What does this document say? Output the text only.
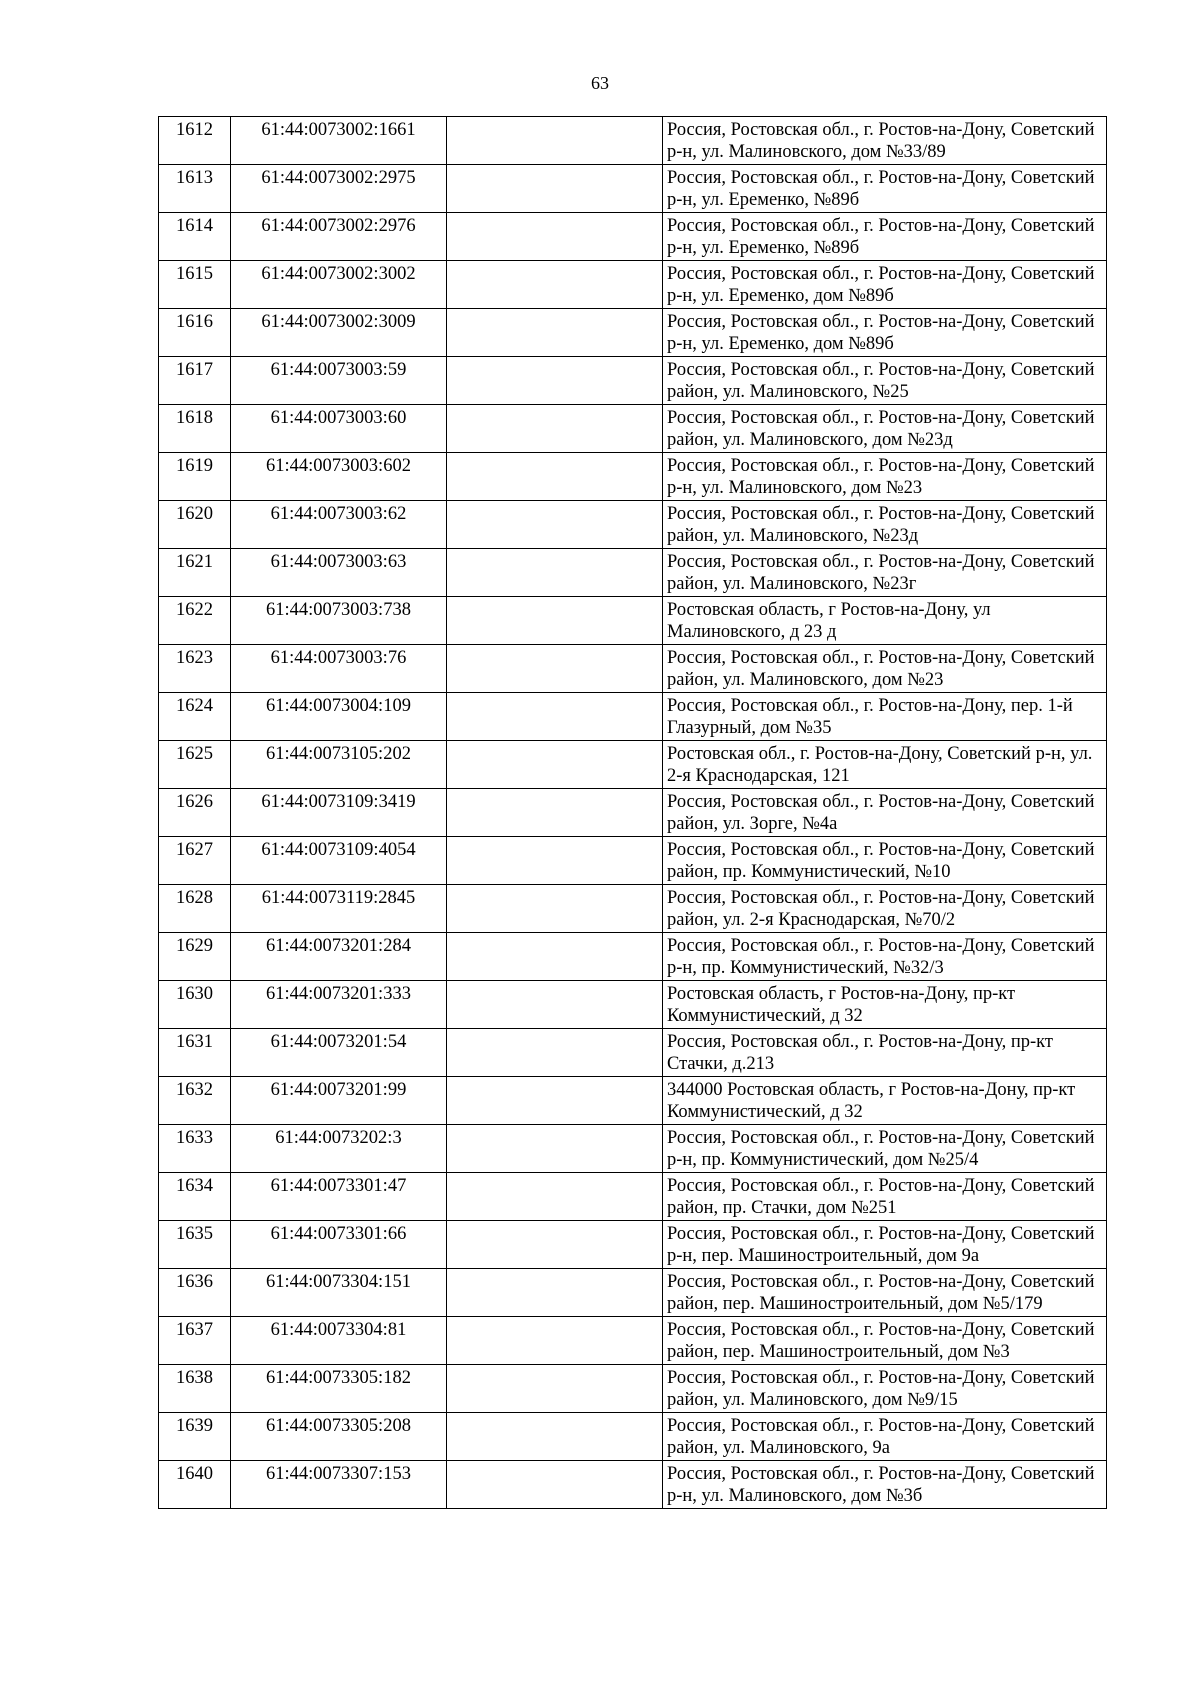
63
1612	61:44:0073002:1661		Россия, Ростовская обл., г. Ростов-на-Дону, Советский р-н, ул. Малиновского, дом №33/89
1613	61:44:0073002:2975		Россия, Ростовская обл., г. Ростов-на-Дону, Советский р-н, ул. Еременко, №89б
1614	61:44:0073002:2976		Россия, Ростовская обл., г. Ростов-на-Дону, Советский р-н, ул. Еременко, №89б
1615	61:44:0073002:3002		Россия, Ростовская обл., г. Ростов-на-Дону, Советский р-н, ул. Еременко, дом №89б
1616	61:44:0073002:3009		Россия, Ростовская обл., г. Ростов-на-Дону, Советский р-н, ул. Еременко, дом №89б
1617	61:44:0073003:59		Россия, Ростовская обл., г. Ростов-на-Дону, Советский район, ул. Малиновского, №25
1618	61:44:0073003:60		Россия, Ростовская обл., г. Ростов-на-Дону, Советский район, ул. Малиновского, дом №23д
1619	61:44:0073003:602		Россия, Ростовская обл., г. Ростов-на-Дону, Советский р-н, ул. Малиновского, дом №23
1620	61:44:0073003:62		Россия, Ростовская обл., г. Ростов-на-Дону, Советский район, ул. Малиновского, №23д
1621	61:44:0073003:63		Россия, Ростовская обл., г. Ростов-на-Дону, Советский район, ул. Малиновского, №23г
1622	61:44:0073003:738		Ростовская область, г Ростов-на-Дону, ул Малиновского, д 23 д
1623	61:44:0073003:76		Россия, Ростовская обл., г. Ростов-на-Дону, Советский район, ул. Малиновского, дом №23
1624	61:44:0073004:109		Россия, Ростовская обл., г. Ростов-на-Дону, пер. 1-й Глазурный, дом №35
1625	61:44:0073105:202		Ростовская обл., г. Ростов-на-Дону, Советский р-н, ул. 2-я Краснодарская, 121
1626	61:44:0073109:3419		Россия, Ростовская обл., г. Ростов-на-Дону, Советский район, ул. Зорге, №4а
1627	61:44:0073109:4054		Россия, Ростовская обл., г. Ростов-на-Дону, Советский район, пр. Коммунистический, №10
1628	61:44:0073119:2845		Россия, Ростовская обл., г. Ростов-на-Дону, Советский район, ул. 2-я Краснодарская, №70/2
1629	61:44:0073201:284		Россия, Ростовская обл., г. Ростов-на-Дону, Советский р-н, пр. Коммунистический, №32/3
1630	61:44:0073201:333		Ростовская область, г Ростов-на-Дону, пр-кт Коммунистический, д 32
1631	61:44:0073201:54		Россия, Ростовская обл., г. Ростов-на-Дону, пр-кт Стачки, д.213
1632	61:44:0073201:99		344000 Ростовская область, г Ростов-на-Дону, пр-кт Коммунистический, д 32
1633	61:44:0073202:3		Россия, Ростовская обл., г. Ростов-на-Дону, Советский р-н, пр. Коммунистический, дом №25/4
1634	61:44:0073301:47		Россия, Ростовская обл., г. Ростов-на-Дону, Советский район, пр. Стачки, дом №251
1635	61:44:0073301:66		Россия, Ростовская обл., г. Ростов-на-Дону, Советский р-н, пер. Машиностроительный, дом 9а
1636	61:44:0073304:151		Россия, Ростовская обл., г. Ростов-на-Дону, Советский район, пер. Машиностроительный, дом №5/179
1637	61:44:0073304:81		Россия, Ростовская обл., г. Ростов-на-Дону, Советский район, пер. Машиностроительный, дом №3
1638	61:44:0073305:182		Россия, Ростовская обл., г. Ростов-на-Дону, Советский район, ул. Малиновского, дом №9/15
1639	61:44:0073305:208		Россия, Ростовская обл., г. Ростов-на-Дону, Советский район, ул. Малиновского, 9а
1640	61:44:0073307:153		Россия, Ростовская обл., г. Ростов-на-Дону, Советский р-н, ул. Малиновского, дом №3б
